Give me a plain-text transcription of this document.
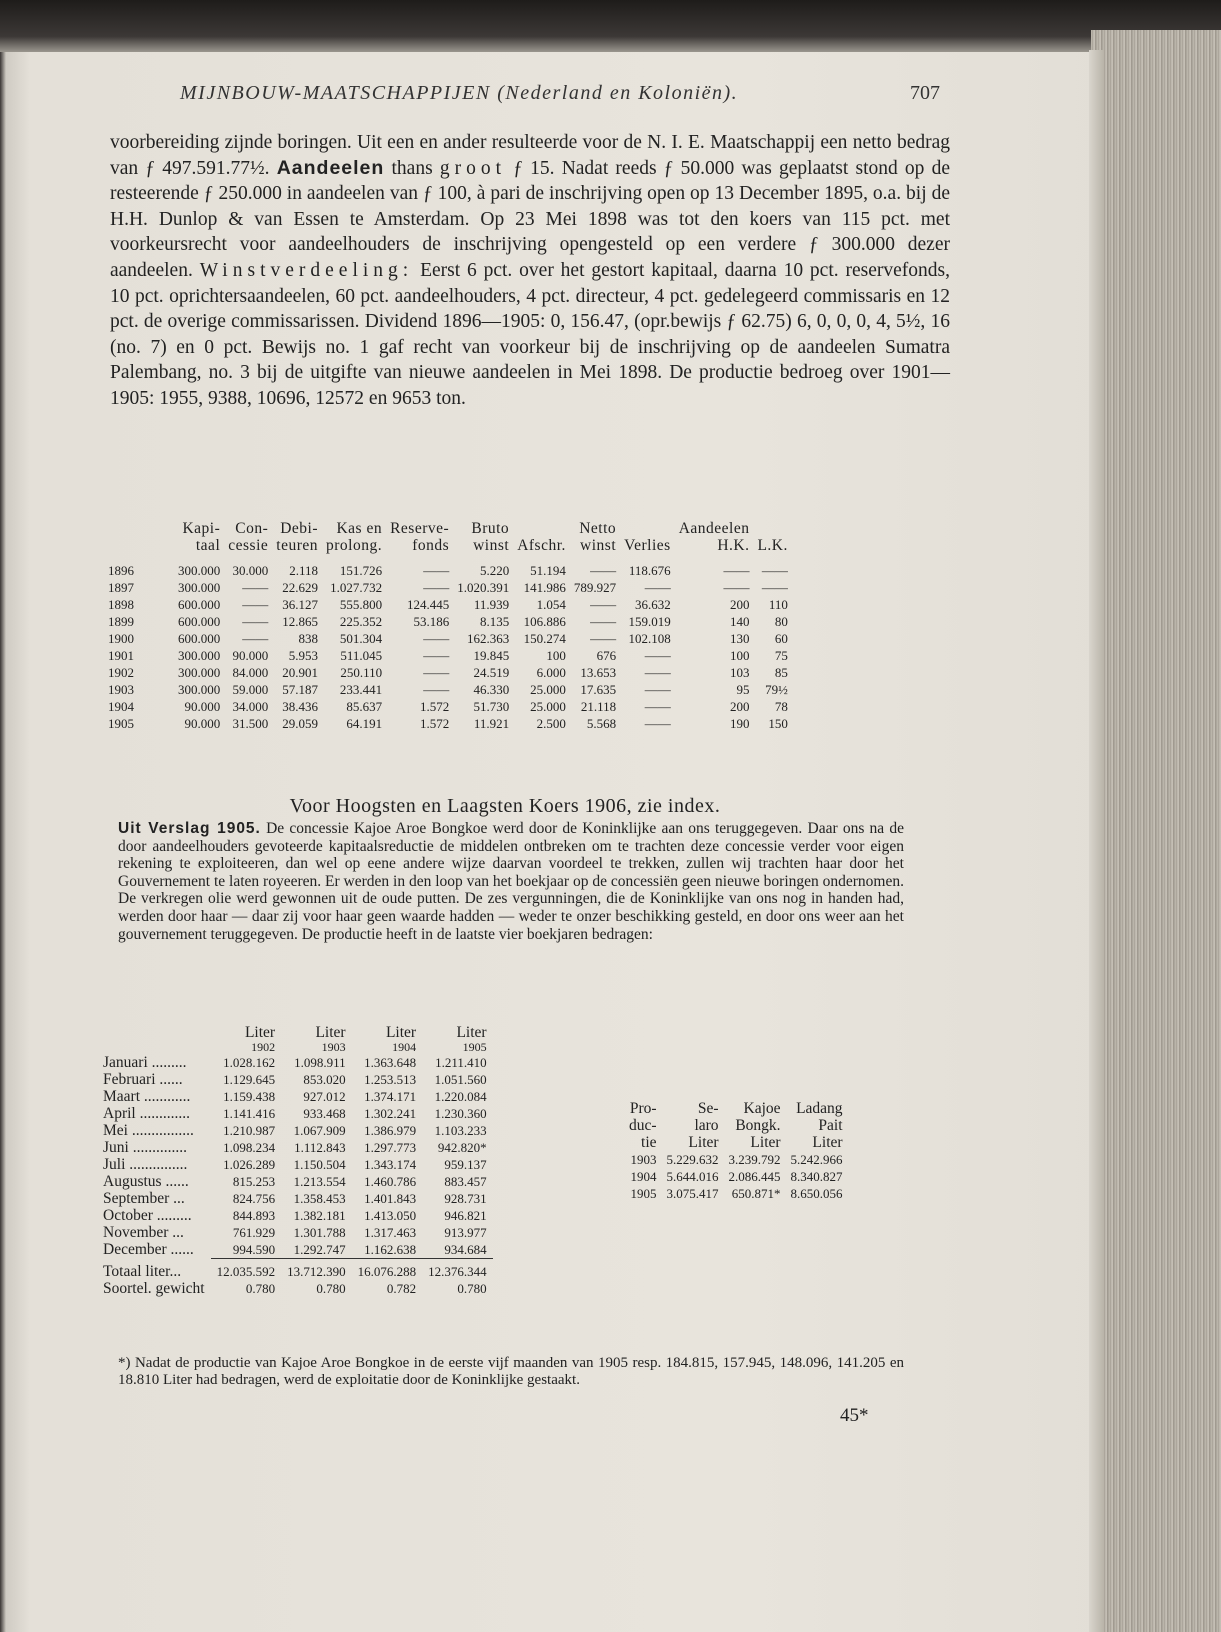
MIJNBOUW-MAATSCHAPPIJEN (Nederland en Koloniën).	707
voorbereiding zijnde boringen. Uit een en ander resulteerde voor de N. I. E. Maatschappij een netto bedrag van ƒ 497.591.77½. Aandeelen thans groot ƒ 15. Nadat reeds ƒ 50.000 was geplaatst stond op de resteerende ƒ 250.000 in aandeelen van ƒ 100, à pari de inschrijving open op 13 December 1895, o.a. bij de H.H. Dunlop & van Essen te Amsterdam. Op 23 Mei 1898 was tot den koers van 115 pct. met voorkeursrecht voor aandeelhouders de inschrijving opengesteld op een verdere ƒ 300.000 dezer aandeelen. Winstverdeeling: Eerst 6 pct. over het gestort kapitaal, daarna 10 pct. reservefonds, 10 pct. oprichtersaandeelen, 60 pct. aandeelhouders, 4 pct. directeur, 4 pct. gedelegeerd commissaris en 12 pct. de overige commissarissen. Dividend 1896—1905: 0, 156.47, (opr.bewijs ƒ 62.75) 6, 0, 0, 0, 4, 5½, 16 (no. 7) en 0 pct. Bewijs no. 1 gaf recht van voorkeur bij de inschrijving op de aandeelen Sumatra Palembang, no. 3 bij de uitgifte van nieuwe aandeelen in Mei 1898. De productie bedroeg over 1901—1905: 1955, 9388, 10696, 12572 en 9653 ton.
	Kapi-	Con-	Debi-	Kas en	Reserve-	Bruto		Netto		Aandeelen	
	taal	cessie	teuren	prolong.	fonds	winst	Afschr.	winst	Verlies	H.K.	L.K.

1896	300.000	30.000	2.118	151.726	——	5.220	51.194	——	118.676	——	——
1897	300.000	——	22.629	1.027.732	——	1.020.391	141.986	789.927	——	——	——
1898	600.000	——	36.127	555.800	124.445	11.939	1.054	——	36.632	200	110
1899	600.000	——	12.865	225.352	53.186	8.135	106.886	——	159.019	140	80
1900	600.000	——	838	501.304	——	162.363	150.274	——	102.108	130	60
1901	300.000	90.000	5.953	511.045	——	19.845	100	676	——	100	75
1902	300.000	84.000	20.901	250.110	——	24.519	6.000	13.653	——	103	85
1903	300.000	59.000	57.187	233.441	——	46.330	25.000	17.635	——	95	79½
1904	90.000	34.000	38.436	85.637	1.572	51.730	25.000	21.118	——	200	78
1905	90.000	31.500	29.059	64.191	1.572	11.921	2.500	5.568	——	190	150
Voor Hoogsten en Laagsten Koers 1906, zie index.
Uit Verslag 1905. De concessie Kajoe Aroe Bongkoe werd door de Koninklijke aan ons teruggegeven. Daar ons na de door aandeelhouders gevoteerde kapitaalsreductie de middelen ontbreken om te trachten deze concessie verder voor eigen rekening te exploiteeren, dan wel op eene andere wijze daarvan voordeel te trekken, zullen wij trachten haar door het Gouvernement te laten royeeren. Er werden in den loop van het boekjaar op de concessiën geen nieuwe boringen ondernomen. De verkregen olie werd gewonnen uit de oude putten. De zes vergunningen, die de Koninklijke van ons nog in handen had, werden door haar — daar zij voor haar geen waarde hadden — weder te onzer beschikking gesteld, en door ons weer aan het gouvernement teruggegeven. De productie heeft in de laatste vier boekjaren bedragen:
	Liter	Liter	Liter	Liter
	1902	1903	1904	1905
Januari .........	1.028.162	1.098.911	1.363.648	1.211.410
Februari ......	1.129.645	853.020	1.253.513	1.051.560
Maart ............	1.159.438	927.012	1.374.171	1.220.084
April .............	1.141.416	933.468	1.302.241	1.230.360
Mei ................	1.210.987	1.067.909	1.386.979	1.103.233
Juni ..............	1.098.234	1.112.843	1.297.773	942.820*
Juli ...............	1.026.289	1.150.504	1.343.174	959.137
Augustus ......	815.253	1.213.554	1.460.786	883.457
September ...	824.756	1.358.453	1.401.843	928.731
October .........	844.893	1.382.181	1.413.050	946.821
November ...	761.929	1.301.788	1.317.463	913.977
December ......	994.590	1.292.747	1.162.638	934.684

Totaal liter...	12.035.592	13.712.390	16.076.288	12.376.344
Soortel. gewicht	0.780	0.780	0.782	0.780
Pro-	Se-	Kajoe	Ladang
duc-	laro	Bongk.	Pait
tie	Liter	Liter	Liter
1903	5.229.632	3.239.792	5.242.966
1904	5.644.016	2.086.445	8.340.827
1905	3.075.417	650.871*	8.650.056
*) Nadat de productie van Kajoe Aroe Bongkoe in de eerste vijf maanden van 1905 resp. 184.815, 157.945, 148.096, 141.205 en 18.810 Liter had bedragen, werd de exploitatie door de Koninklijke gestaakt.
45*
